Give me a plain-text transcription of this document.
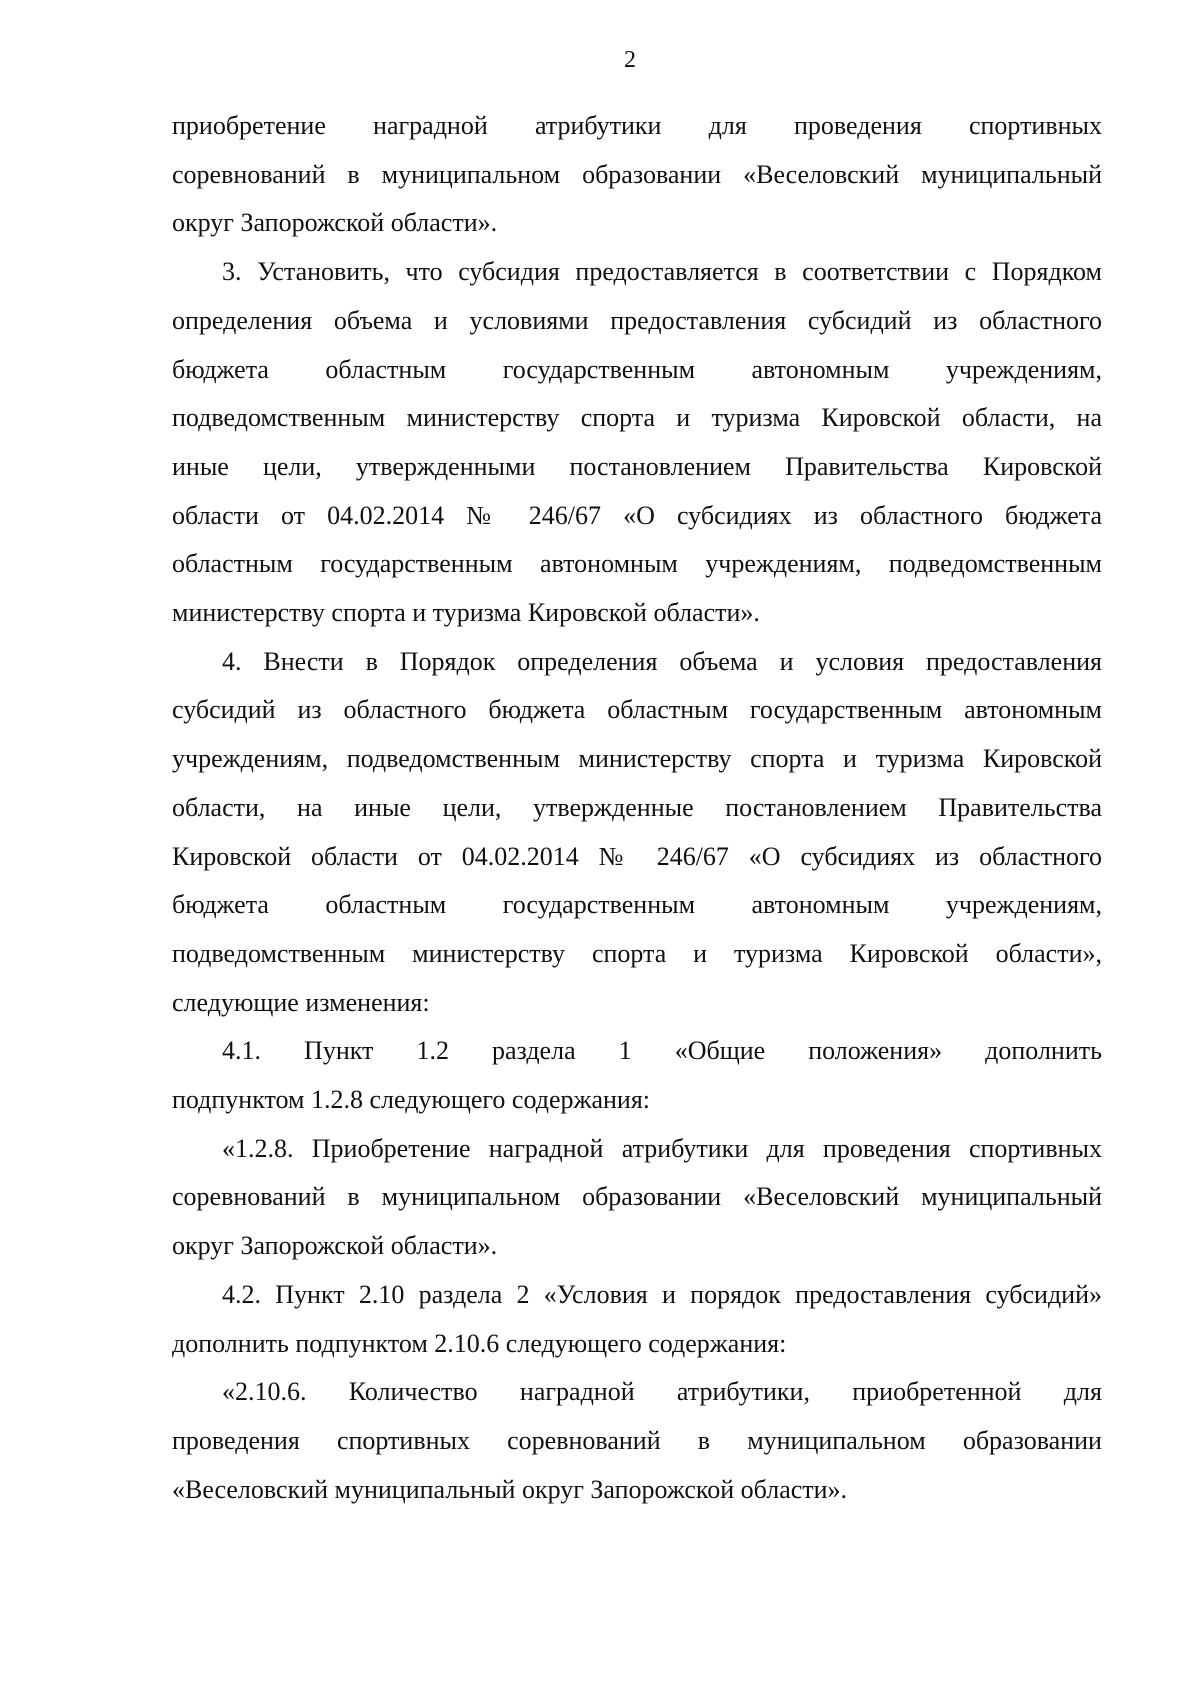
2
приобретение наградной атрибутики для проведения спортивных
соревнований в муниципальном образовании «Веселовский муниципальный
округ Запорожской области».
3. Установить, что субсидия предоставляется в соответствии с Порядком
определения объема и условиями предоставления субсидий из областного
бюджета областным государственным автономным учреждениям,
подведомственным министерству спорта и туризма Кировской области, на
иные цели, утвержденными постановлением Правительства Кировской
области от 04.02.2014 № 246/67 «О субсидиях из областного бюджета
областным государственным автономным учреждениям, подведомственным
министерству спорта и туризма Кировской области».
4. Внести в Порядок определения объема и условия предоставления
субсидий из областного бюджета областным государственным автономным
учреждениям, подведомственным министерству спорта и туризма Кировской
области, на иные цели, утвержденные постановлением Правительства
Кировской области от 04.02.2014 № 246/67 «О субсидиях из областного
бюджета областным государственным автономным учреждениям,
подведомственным министерству спорта и туризма Кировской области»,
следующие изменения:
4.1. Пункт 1.2 раздела 1 «Общие положения» дополнить
подпунктом 1.2.8 следующего содержания:
«1.2.8. Приобретение наградной атрибутики для проведения спортивных
соревнований в муниципальном образовании «Веселовский муниципальный
округ Запорожской области».
4.2. Пункт 2.10 раздела 2 «Условия и порядок предоставления субсидий»
дополнить подпунктом 2.10.6 следующего содержания:
«2.10.6. Количество наградной атрибутики, приобретенной для
проведения спортивных соревнований в муниципальном образовании
«Веселовский муниципальный округ Запорожской области».
